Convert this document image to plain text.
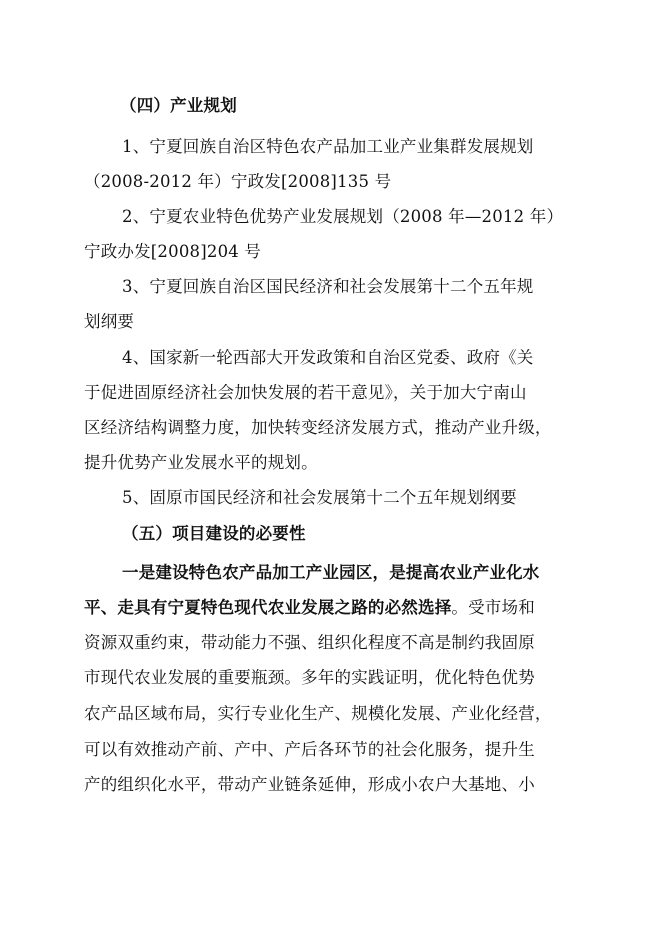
（四）产业规划
1、宁夏回族自治区特色农产品加工业产业集群发展规划
（2008-2012 年）宁政发[2008]135 号
2、宁夏农业特色优势产业发展规划（2008 年—2012 年）
宁政办发[2008]204 号
3、宁夏回族自治区国民经济和社会发展第十二个五年规
划纲要
4、国家新一轮西部大开发政策和自治区党委、政府《关
于促进固原经济社会加快发展的若干意见》，关于加大宁南山
区经济结构调整力度，加快转变经济发展方式，推动产业升级，
提升优势产业发展水平的规划。
5、固原市国民经济和社会发展第十二个五年规划纲要
（五）项目建设的必要性
一是建设特色农产品加工产业园区，是提高农业产业化水
平、走具有宁夏特色现代农业发展之路的必然选择。受市场和
资源双重约束，带动能力不强、组织化程度不高是制约我固原
市现代农业发展的重要瓶颈。多年的实践证明，优化特色优势
农产品区域布局，实行专业化生产、规模化发展、产业化经营，
可以有效推动产前、产中、产后各环节的社会化服务，提升生
产的组织化水平，带动产业链条延伸，形成小农户大基地、小
